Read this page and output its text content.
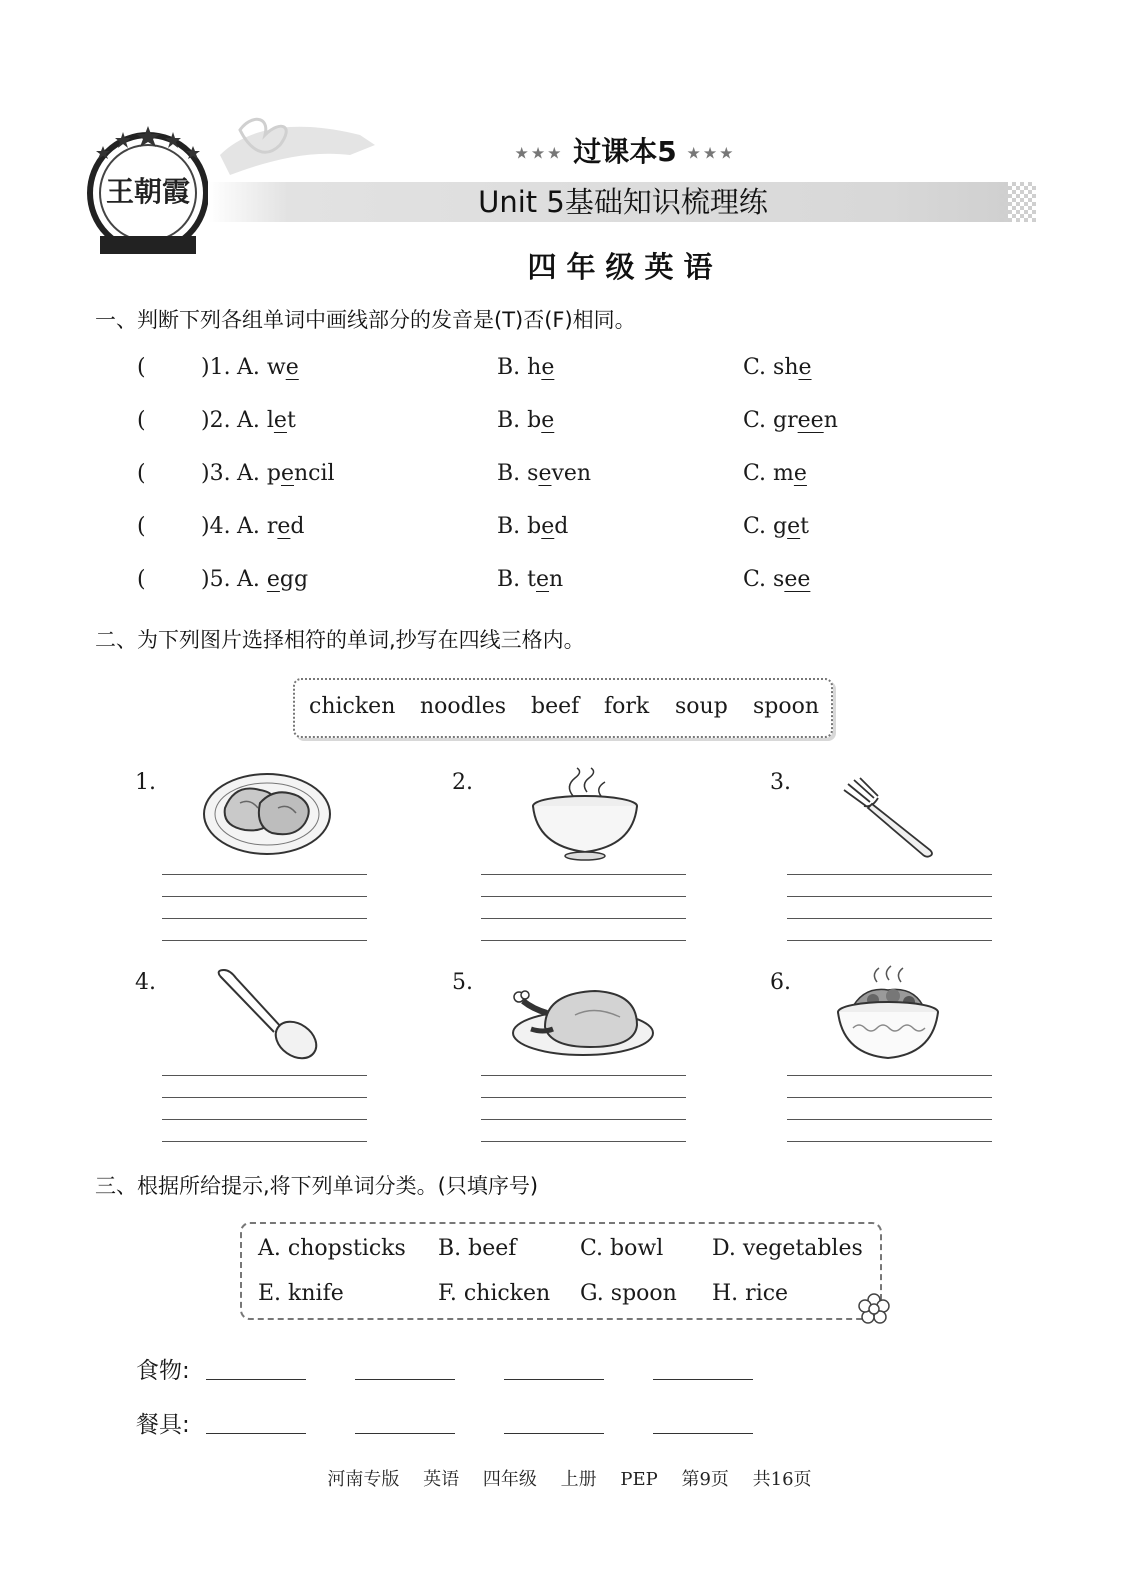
王朝霞
★★★ 过课本5 ★★★
Unit 5基础知识梳理练
四年级英语
一、判断下列各组单词中画线部分的发音是(T)否(F)相同。
(	)1. A. we	B. he	C. she
(	)2. A. let	B. be	C. green
(	)3. A. pencil	B. seven	C. me
(	)4. A. red	B. bed	C. get
(	)5. A. egg	B. ten	C. see
二、为下列图片选择相符的单词,抄写在四线三格内。
chicken noodles beef fork soup spoon
1.	2.	3.
4.	5.	6.
三、根据所给提示,将下列单词分类。(只填序号)
A. chopsticks B. beef	C. bowl D. vegetables
E. knife	F. chicken G. spoon H. rice
食物:
餐具:
河南专版 英语 四年级 上册 PEP 第9页 共16页
